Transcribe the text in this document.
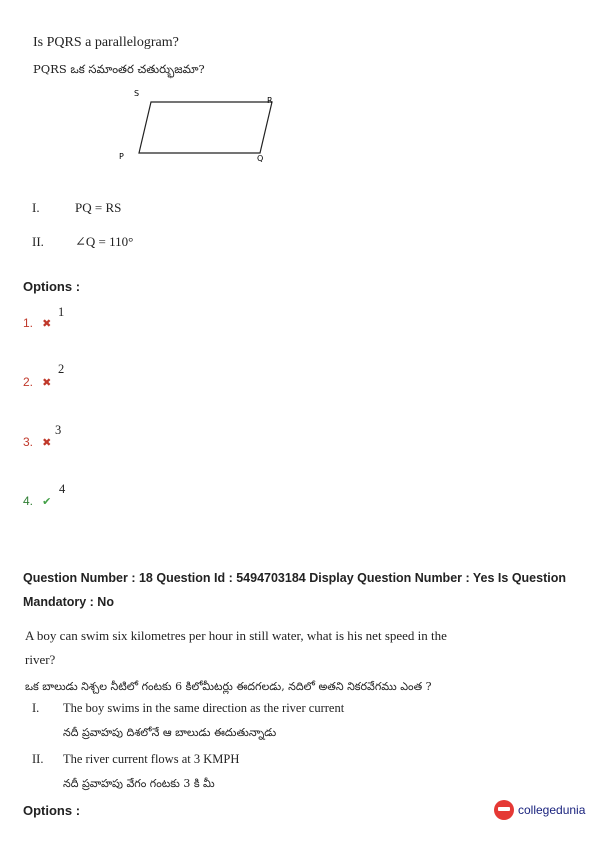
Is PQRS a parallelogram?
PQRS ఒక సమాంతర చతుర్భుజమా?
S
R
P	Q
I.	PQ = RS
II. ∠Q = 110°
Options :
1. ✖
1
2. ✖
2
3. ✖
3
4. ✔
4
Question Number : 18 Question Id : 5494703184 Display Question Number : Yes Is Question Mandatory : No
A boy can swim six kilometres per hour in still water, what is his net speed in the river?
ఒక బాలుడు నిశ్చల నీటిలో గంటకు 6 కిలోమీటర్లు ఈదగలడు, నదిలో అతని నికరవేగము ఎంత ?
I. The boy swims in the same direction as the river current
నదీ ప్రవాహపు దిశలోనే ఆ బాలుడు ఈదుతున్నాడు
II. The river current flows at 3 KMPH
నదీ ప్రవాహపు వేగం గంటకు 3 కి మీ
Options :	collegedunia
